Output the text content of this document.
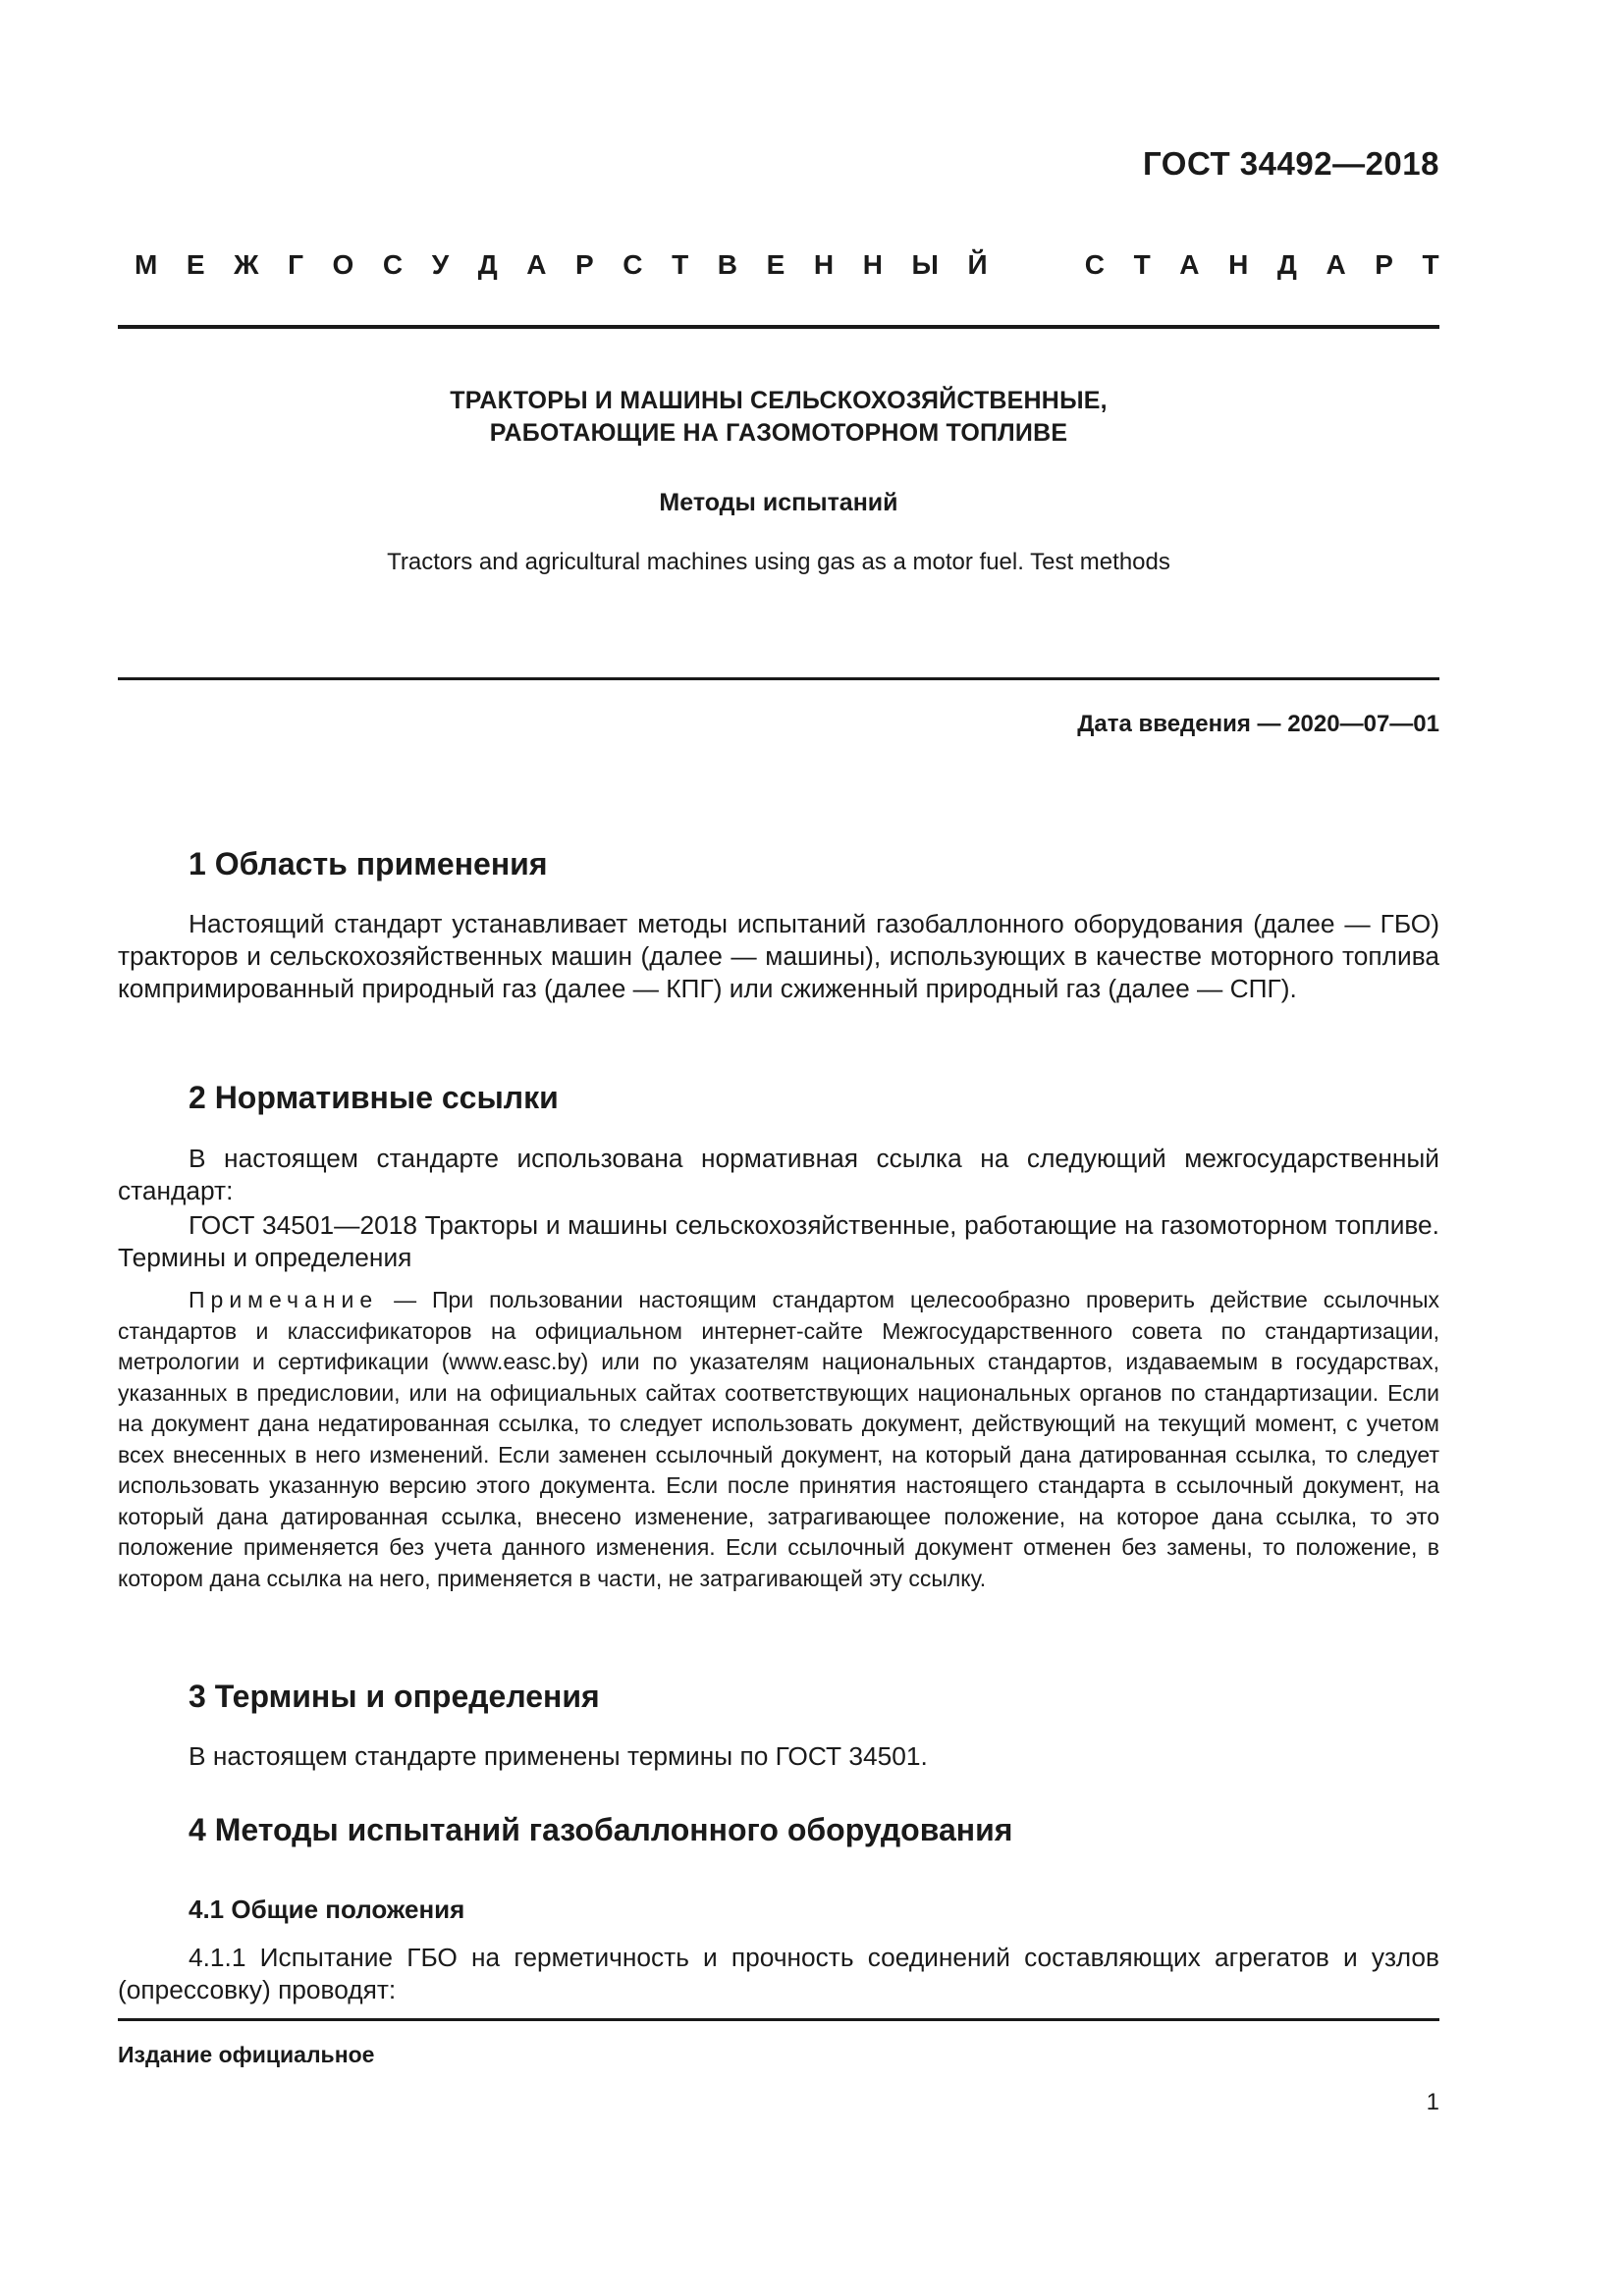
ГОСТ 34492—2018
М Е Ж Г О С У Д А Р С Т В Е Н Н Ы Й	С Т А Н Д А Р Т
ТРАКТОРЫ И МАШИНЫ СЕЛЬСКОХОЗЯЙСТВЕННЫЕ,
РАБОТАЮЩИЕ НА ГАЗОМОТОРНОМ ТОПЛИВЕ
Методы испытаний
Tractors and agricultural machines using gas as a motor fuel. Test methods
Дата введения — 2020—07—01
1 Область применения
Настоящий стандарт устанавливает методы испытаний газобаллонного оборудования (далее — ГБО) тракторов и сельскохозяйственных машин (далее — машины), использующих в качестве моторного топлива компримированный природный газ (далее — КПГ) или сжиженный природный газ (далее — СПГ).
2 Нормативные ссылки
В настоящем стандарте использована нормативная ссылка на следующий межгосударственный стандарт:
ГОСТ 34501—2018 Тракторы и машины сельскохозяйственные, работающие на газомоторном топливе. Термины и определения
Примечание — При пользовании настоящим стандартом целесообразно проверить действие ссылочных стандартов и классификаторов на официальном интернет-сайте Межгосударственного совета по стандартизации, метрологии и сертификации (www.easc.by) или по указателям национальных стандартов, издаваемым в государствах, указанных в предисловии, или на официальных сайтах соответствующих национальных органов по стандартизации. Если на документ дана недатированная ссылка, то следует использовать документ, действующий на текущий момент, с учетом всех внесенных в него изменений. Если заменен ссылочный документ, на который дана датированная ссылка, то следует использовать указанную версию этого документа. Если после принятия настоящего стандарта в ссылочный документ, на который дана датированная ссылка, внесено изменение, затрагивающее положение, на которое дана ссылка, то это положение применяется без учета данного изменения. Если ссылочный документ отменен без замены, то положение, в котором дана ссылка на него, применяется в части, не затрагивающей эту ссылку.
3 Термины и определения
В настоящем стандарте применены термины по ГОСТ 34501.
4 Методы испытаний газобаллонного оборудования
4.1 Общие положения
4.1.1 Испытание ГБО на герметичность и прочность соединений составляющих агрегатов и узлов (опрессовку) проводят:
Издание официальное
1
